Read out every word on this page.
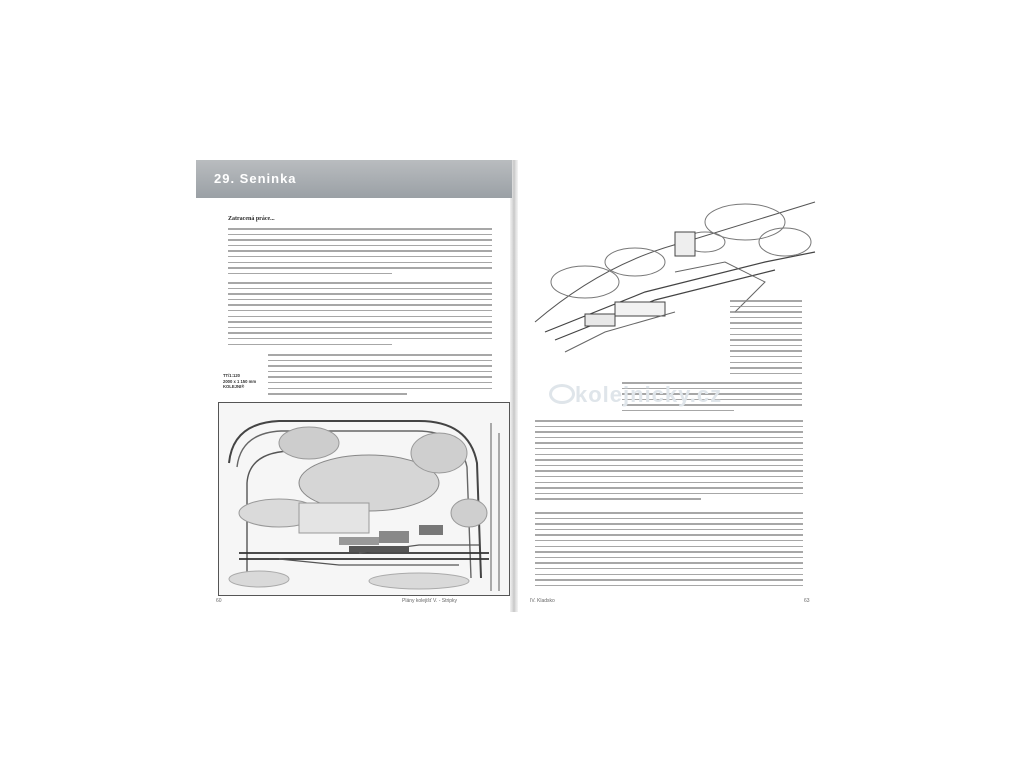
29. Seninka
Zatracená práce...
TT/1:120
2000 x 1 150 mm
KOLEJNI®
60	Plány kolejišť V. - Stripky
kolejnicky.cz
IV. Kladsko	63
